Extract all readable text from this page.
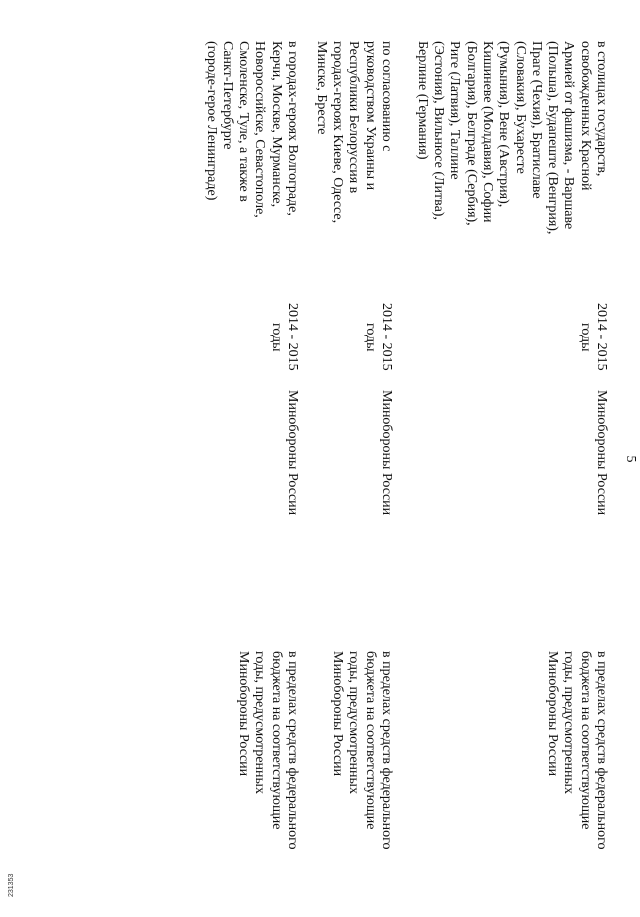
5
в столицах государств,
освобожденных Красной
Армией от фашизма, - Варшаве
(Польша), Будапеште (Венгрия),
Праге (Чехия), Братиславе
(Словакия), Бухаресте
(Румыния), Вене (Австрия),
Кишиневе (Молдавия), Софии
(Болгария), Белграде (Сербия),
Риге (Латвия), Таллине
(Эстония), Вильнюсе (Литва),
Берлине (Германия)
2014 - 2015
годы
Минобороны России
в пределах средств федерального
бюджета на соответствующие
годы, предусмотренных
Минобороны России
по согласованию с
руководством Украины и
Республики Белоруссия в
городах-героях Киеве, Одессе,
Минске, Бресте
2014 - 2015
годы
Минобороны России
в пределах средств федерального
бюджета на соответствующие
годы, предусмотренных
Минобороны России
в городах-героях Волгограде,
Керчи, Москве, Мурманске,
Новороссийске, Севастополе,
Смоленске, Туле, а также в
Санкт-Петербурге
(городе-герое Ленинграде)
2014 - 2015
годы
Минобороны России
в пределах средств федерального
бюджета на соответствующие
годы, предусмотренных
Минобороны России
231353
